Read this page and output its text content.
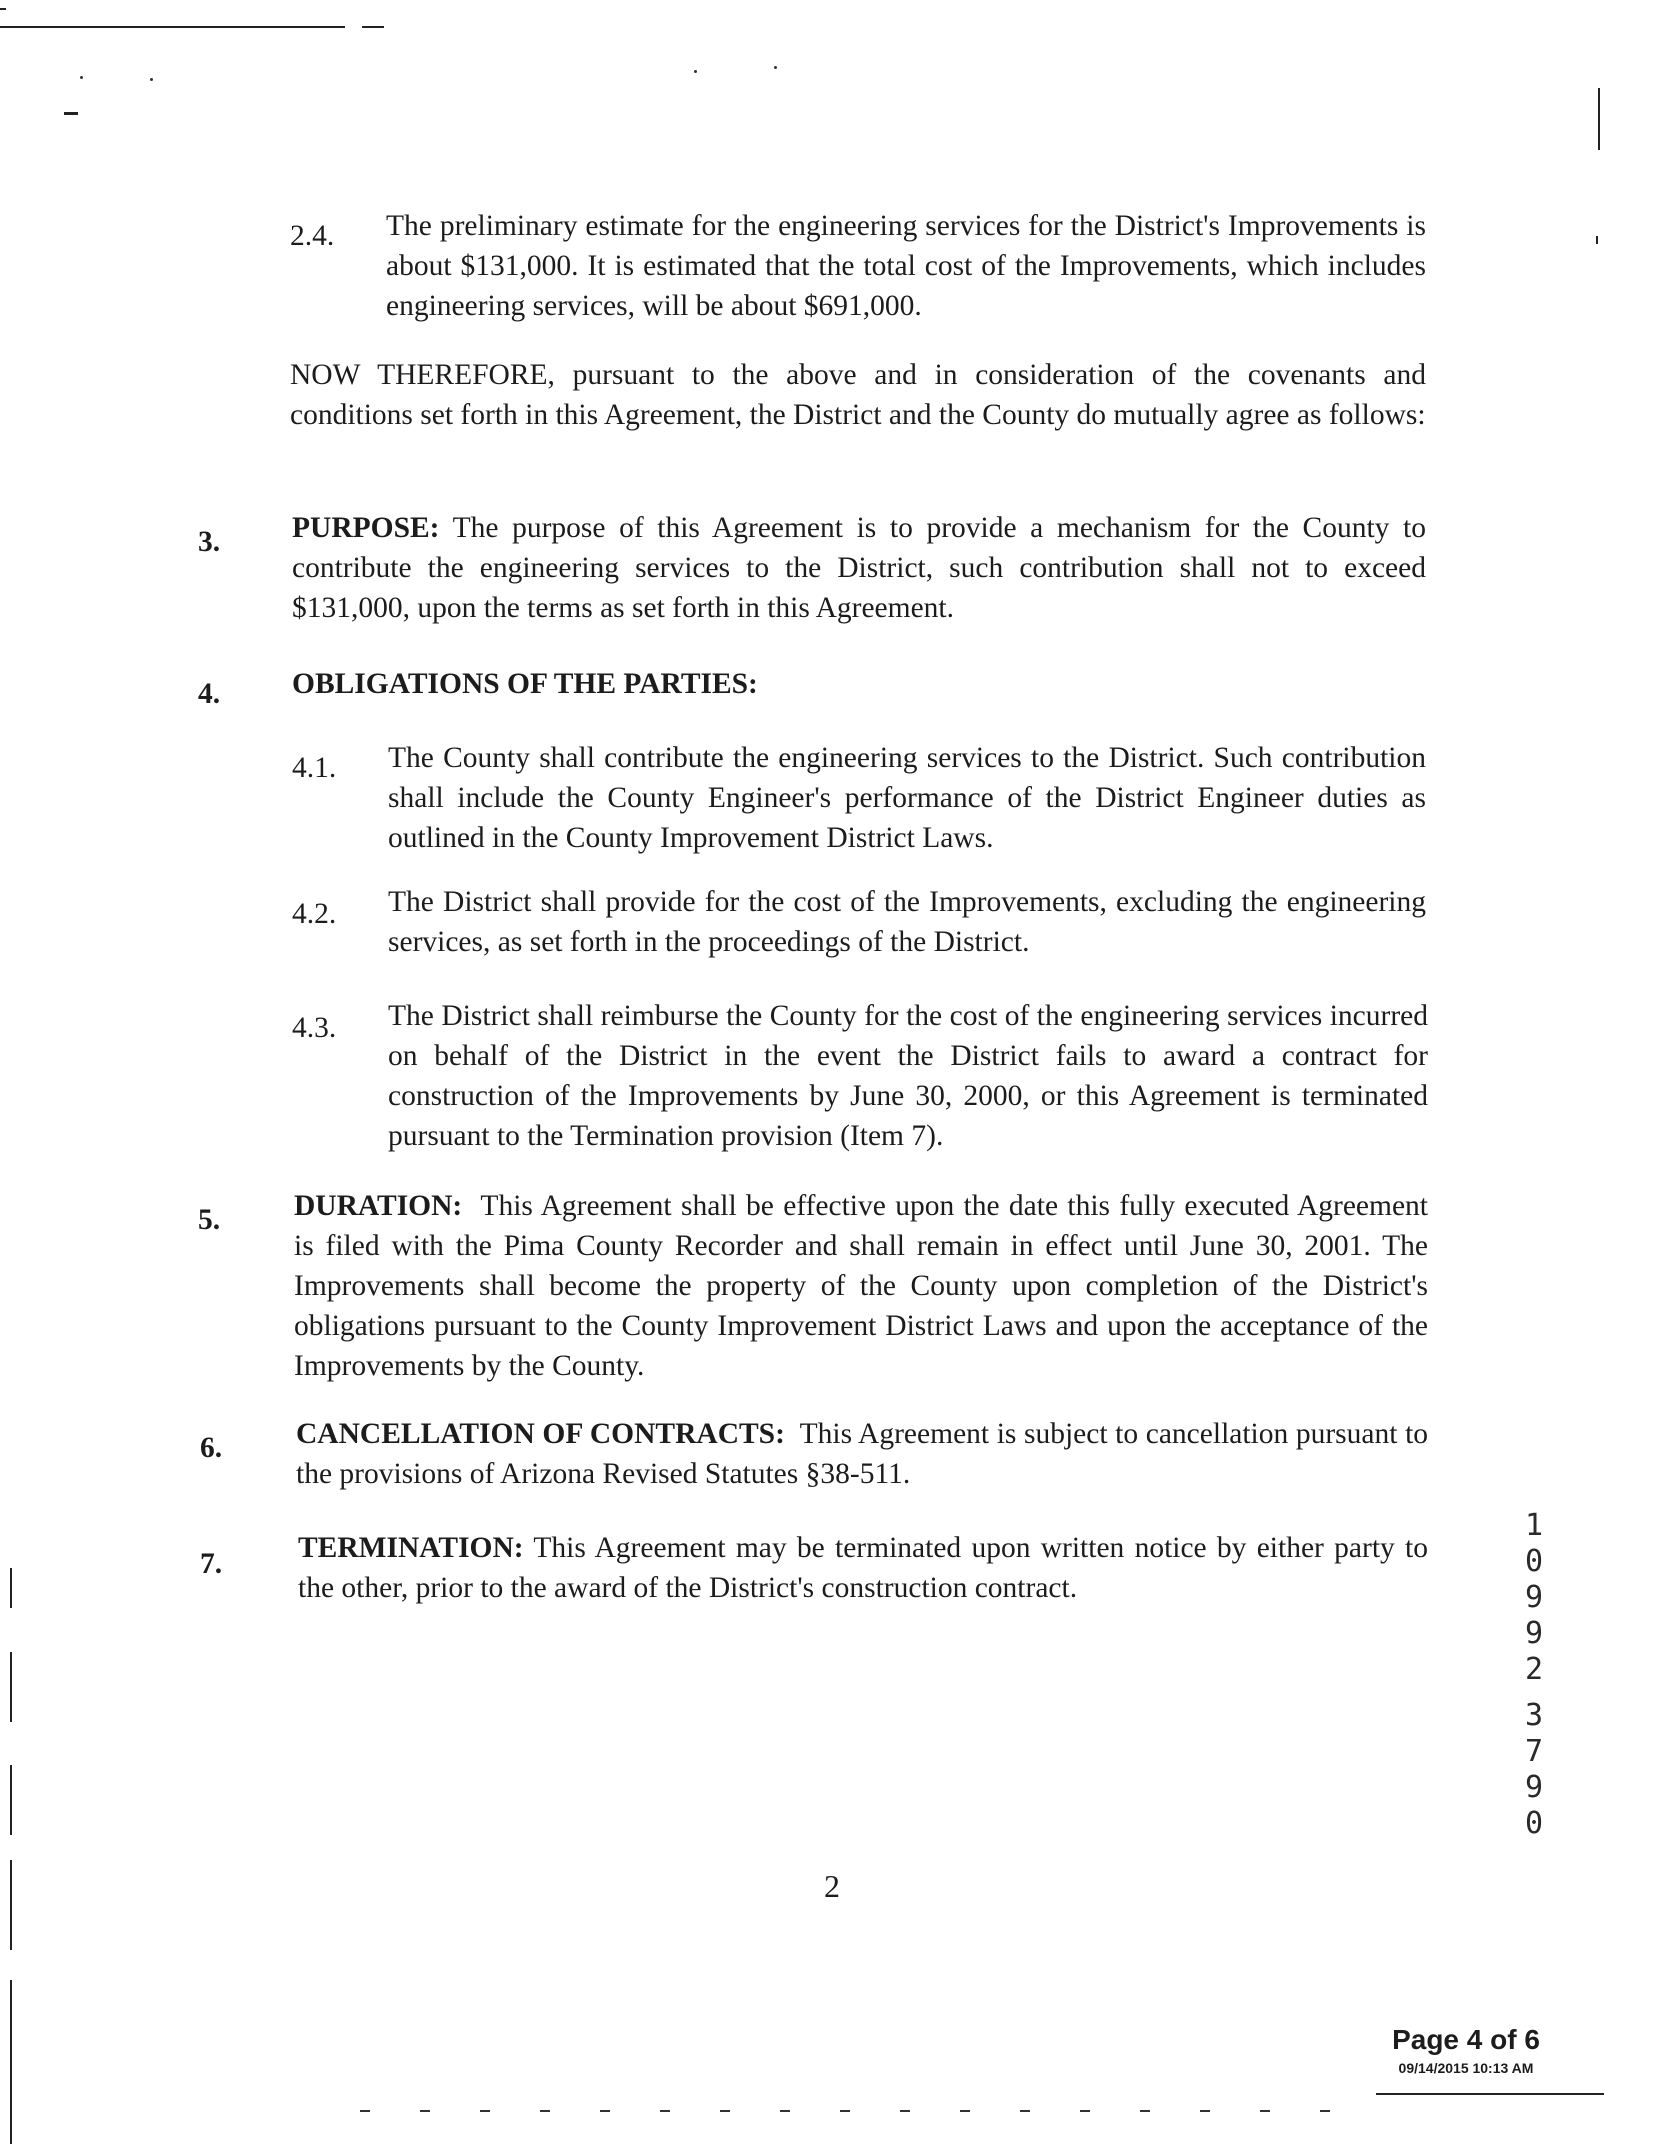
2.4. The preliminary estimate for the engineering services for the District's Improvements is about $131,000. It is estimated that the total cost of the Improvements, which includes engineering services, will be about $691,000.
NOW THEREFORE, pursuant to the above and in consideration of the covenants and conditions set forth in this Agreement, the District and the County do mutually agree as follows:
3. PURPOSE: The purpose of this Agreement is to provide a mechanism for the County to contribute the engineering services to the District, such contribution shall not to exceed $131,000, upon the terms as set forth in this Agreement.
4. OBLIGATIONS OF THE PARTIES:
4.1. The County shall contribute the engineering services to the District. Such contribution shall include the County Engineer's performance of the District Engineer duties as outlined in the County Improvement District Laws.
4.2. The District shall provide for the cost of the Improvements, excluding the engineering services, as set forth in the proceedings of the District.
4.3. The District shall reimburse the County for the cost of the engineering services incurred on behalf of the District in the event the District fails to award a contract for construction of the Improvements by June 30, 2000, or this Agreement is terminated pursuant to the Termination provision (Item 7).
5.	DURATION: This Agreement shall be effective upon the date this fully executed Agreement is filed with the Pima County Recorder and shall remain in effect until June 30, 2001. The Improvements shall become the property of the County upon completion of the District's obligations pursuant to the County Improvement District Laws and upon the acceptance of the Improvements by the County.
6.	CANCELLATION OF CONTRACTS: This Agreement is subject to cancellation pursuant to the provisions of Arizona Revised Statutes §38-511.
7.	TERMINATION: This Agreement may be terminated upon written notice by either party to the other, prior to the award of the District's construction contract.
1
0
9
9
2
3
7
9
0
2
Page 4 of 6
09/14/2015 10:13 AM
